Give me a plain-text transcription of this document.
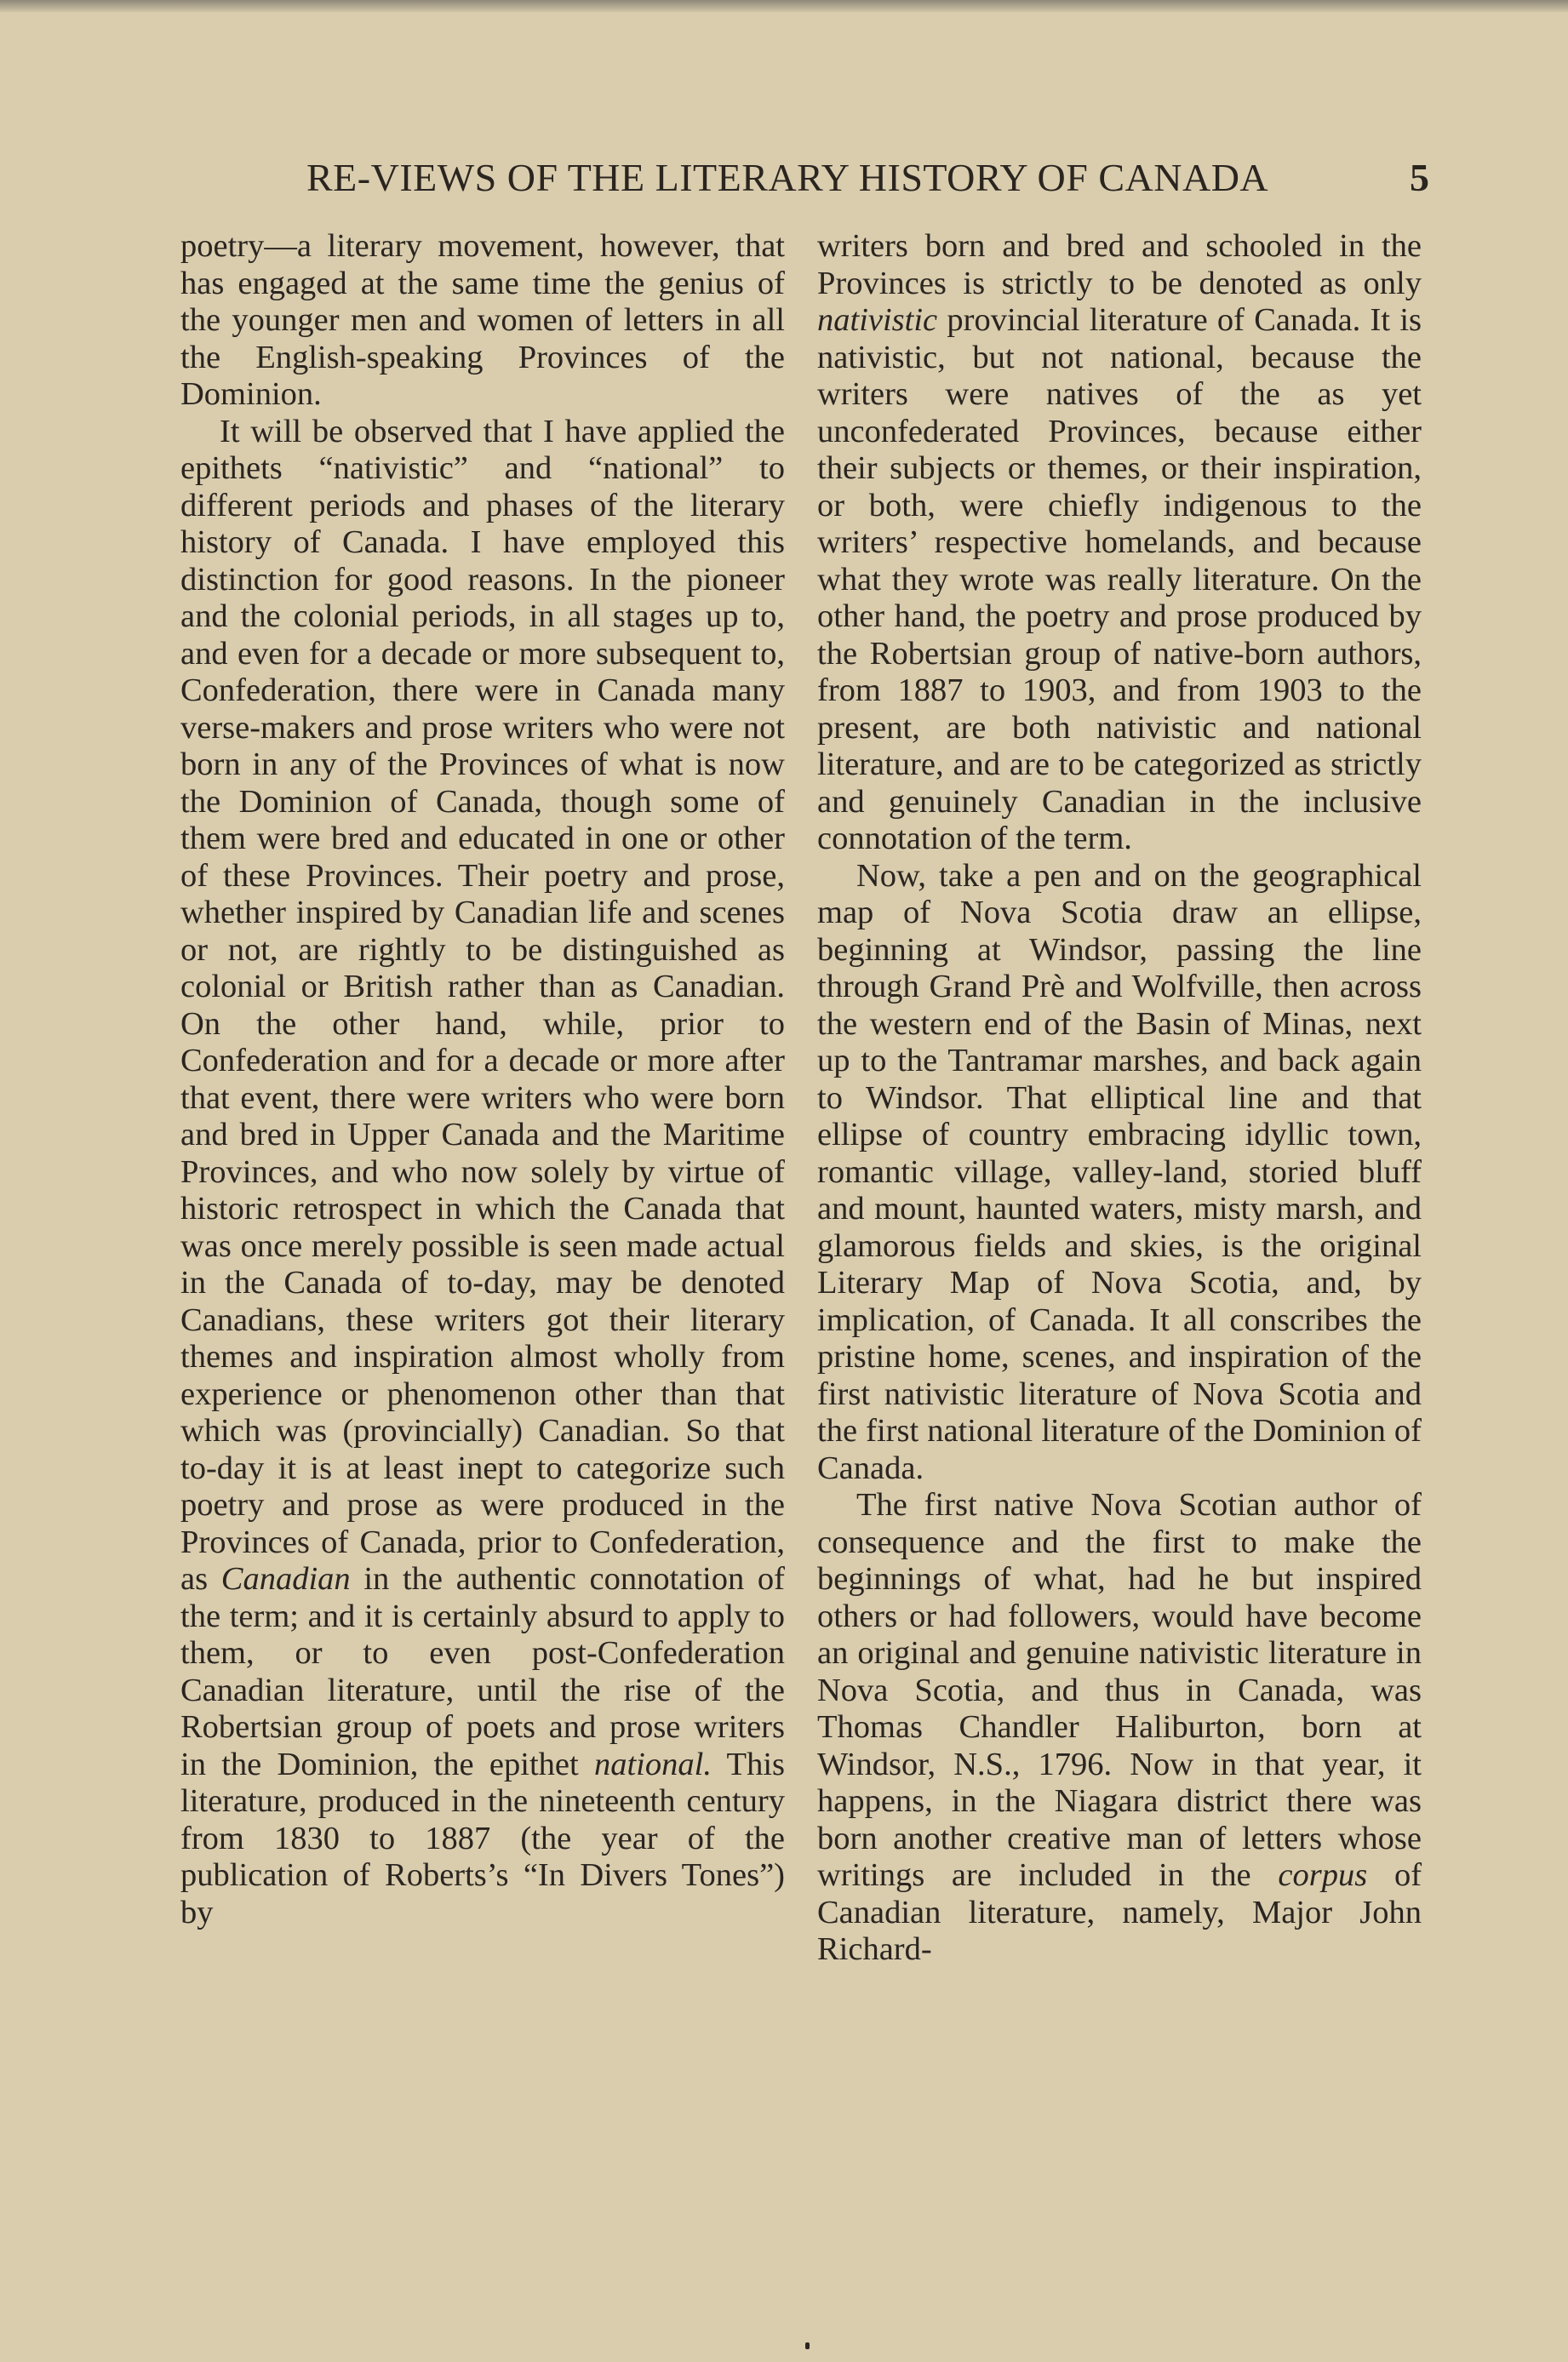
RE-VIEWS OF THE LITERARY HISTORY OF CANADA	5

poetry—a literary movement, however, that has engaged at the same time the genius of the younger men and women of letters in all the English-speaking Provinces of the Dominion.

It will be observed that I have applied the epithets “nativistic” and “national” to different periods and phases of the literary history of Canada. I have employed this distinction for good reasons. In the pioneer and the colonial periods, in all stages up to, and even for a decade or more subsequent to, Confederation, there were in Canada many verse-makers and prose writers who were not born in any of the Provinces of what is now the Dominion of Canada, though some of them were bred and educated in one or other of these Provinces. Their poetry and prose, whether inspired by Canadian life and scenes or not, are rightly to be distinguished as colonial or British rather than as Canadian. On the other hand, while, prior to Confederation and for a decade or more after that event, there were writers who were born and bred in Upper Canada and the Maritime Provinces, and who now solely by virtue of historic retrospect in which the Canada that was once merely possible is seen made actual in the Canada of to-day, may be denoted Canadians, these writers got their literary themes and inspiration almost wholly from experience or phenomenon other than that which was (provincially) Canadian. So that to-day it is at least inept to categorize such poetry and prose as were produced in the Provinces of Canada, prior to Confederation, as Canadian in the authentic connotation of the term; and it is certainly absurd to apply to them, or to even post-Confederation Canadian literature, until the rise of the Robertsian group of poets and prose writers in the Dominion, the epithet national. This literature, produced in the nineteenth century from 1830 to 1887 (the year of the publication of Roberts’s “In Divers Tones”) by

writers born and bred and schooled in the Provinces is strictly to be denoted as only nativistic provincial literature of Canada. It is nativistic, but not national, because the writers were natives of the as yet unconfederated Provinces, because either their subjects or themes, or their inspiration, or both, were chiefly indigenous to the writers’ respective homelands, and because what they wrote was really literature. On the other hand, the poetry and prose produced by the Robertsian group of native-born authors, from 1887 to 1903, and from 1903 to the present, are both nativistic and national literature, and are to be categorized as strictly and genuinely Canadian in the inclusive connotation of the term.

Now, take a pen and on the geographical map of Nova Scotia draw an ellipse, beginning at Windsor, passing the line through Grand Prè and Wolfville, then across the western end of the Basin of Minas, next up to the Tantramar marshes, and back again to Windsor. That elliptical line and that ellipse of country embracing idyllic town, romantic village, valley-land, storied bluff and mount, haunted waters, misty marsh, and glamorous fields and skies, is the original Literary Map of Nova Scotia, and, by implication, of Canada. It all conscribes the pristine home, scenes, and inspiration of the first nativistic literature of Nova Scotia and the first national literature of the Dominion of Canada.

The first native Nova Scotian author of consequence and the first to make the beginnings of what, had he but inspired others or had followers, would have become an original and genuine nativistic literature in Nova Scotia, and thus in Canada, was Thomas Chandler Haliburton, born at Windsor, N.S., 1796. Now in that year, it happens, in the Niagara district there was born another creative man of letters whose writings are included in the corpus of Canadian literature, namely, Major John Richard-
